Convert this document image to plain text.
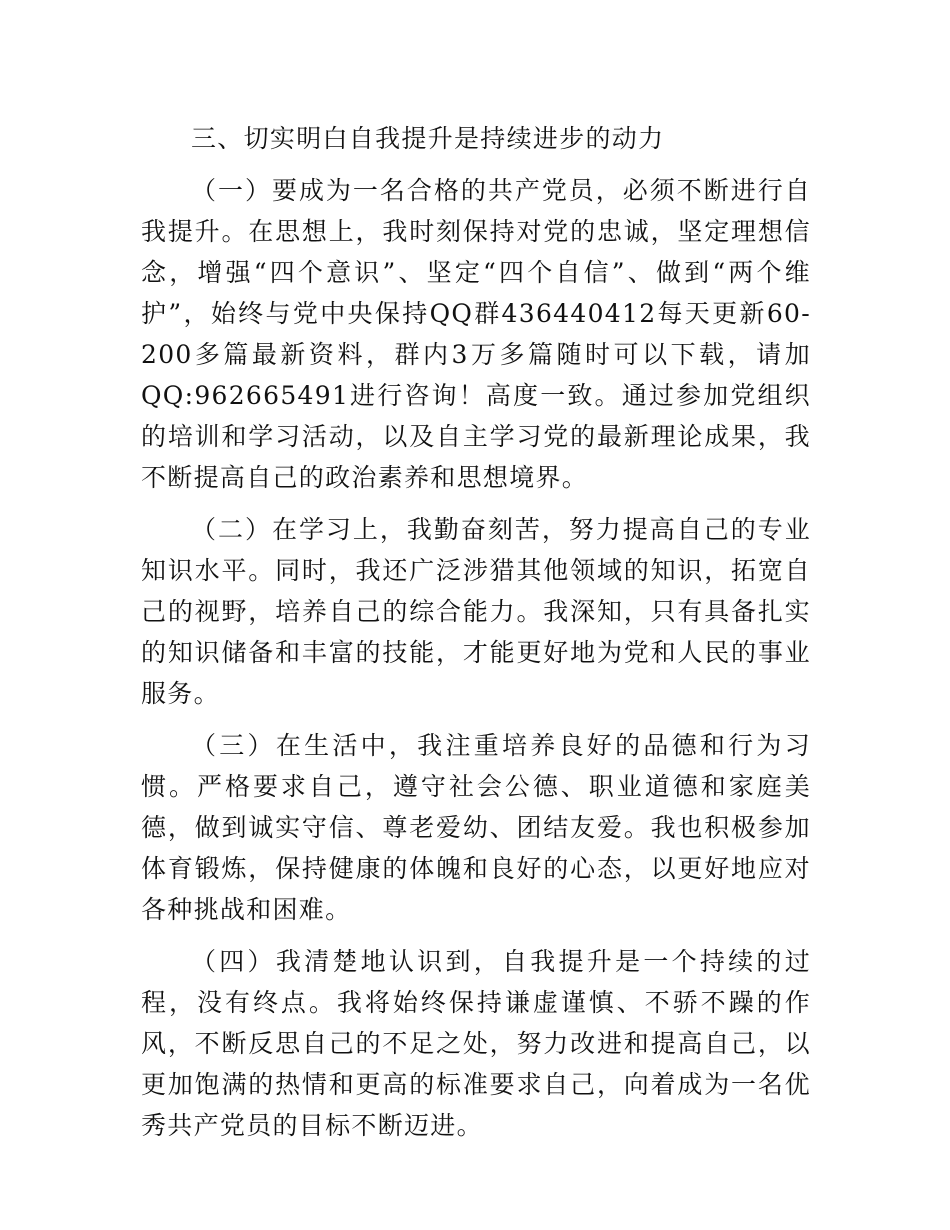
三、切实明白自我提升是持续进步的动力

（一）要成为一名合格的共产党员，必须不断进行自我提升。在思想上，我时刻保持对党的忠诚，坚定理想信念，增强“四个意识”、坚定“四个自信”、做到“两个维护”，始终与党中央保持QQ群436440412每天更新60-200多篇最新资料，群内3万多篇随时可以下载，请加QQ:962665491进行咨询！高度一致。通过参加党组织的培训和学习活动，以及自主学习党的最新理论成果，我不断提高自己的政治素养和思想境界。

（二）在学习上，我勤奋刻苦，努力提高自己的专业知识水平。同时，我还广泛涉猎其他领域的知识，拓宽自己的视野，培养自己的综合能力。我深知，只有具备扎实的知识储备和丰富的技能，才能更好地为党和人民的事业服务。

（三）在生活中，我注重培养良好的品德和行为习惯。严格要求自己，遵守社会公德、职业道德和家庭美德，做到诚实守信、尊老爱幼、团结友爱。我也积极参加体育锻炼，保持健康的体魄和良好的心态，以更好地应对各种挑战和困难。

（四）我清楚地认识到，自我提升是一个持续的过程，没有终点。我将始终保持谦虚谨慎、不骄不躁的作风，不断反思自己的不足之处，努力改进和提高自己，以更加饱满的热情和更高的标准要求自己，向着成为一名优秀共产党员的目标不断迈进。
